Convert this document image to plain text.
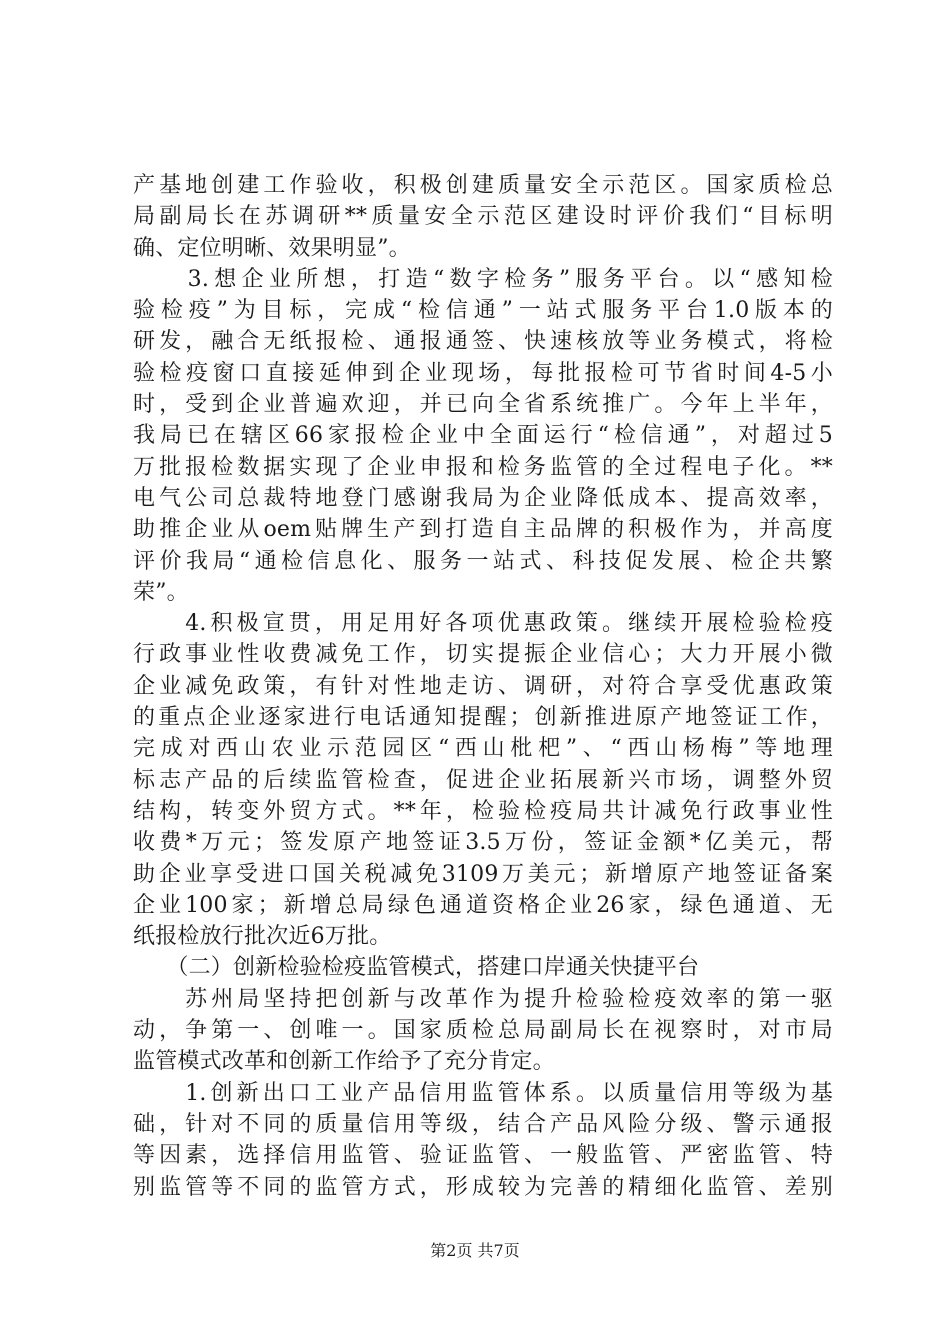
产基地创建工作验收，积极创建质量安全示范区。国家质检总
局副局长在苏调研**质量安全示范区建设时评价我们“目标明
确、定位明晰、效果明显”。
　　3.想企业所想，打造“数字检务”服务平台。以“感知检
验检疫”为目标，完成“检信通”一站式服务平台1.0版本的
研发，融合无纸报检、通报通签、快速核放等业务模式，将检
验检疫窗口直接延伸到企业现场，每批报检可节省时间4-5小
时，受到企业普遍欢迎，并已向全省系统推广。今年上半年，
我局已在辖区66家报检企业中全面运行“检信通”，对超过5
万批报检数据实现了企业申报和检务监管的全过程电子化。**
电气公司总裁特地登门感谢我局为企业降低成本、提高效率，
助推企业从oem贴牌生产到打造自主品牌的积极作为，并高度
评价我局“通检信息化、服务一站式、科技促发展、检企共繁
荣”。
　　4.积极宣贯，用足用好各项优惠政策。继续开展检验检疫
行政事业性收费减免工作，切实提振企业信心；大力开展小微
企业减免政策，有针对性地走访、调研，对符合享受优惠政策
的重点企业逐家进行电话通知提醒；创新推进原产地签证工作，
完成对西山农业示范园区“西山枇杷”、“西山杨梅”等地理
标志产品的后续监管检查，促进企业拓展新兴市场，调整外贸
结构，转变外贸方式。**年，检验检疫局共计减免行政事业性
收费*万元；签发原产地签证3.5万份，签证金额*亿美元，帮
助企业享受进口国关税减免3109万美元；新增原产地签证备案
企业100家；新增总局绿色通道资格企业26家，绿色通道、无
纸报检放行批次近6万批。
　　（二）创新检验检疫监管模式，搭建口岸通关快捷平台
　　苏州局坚持把创新与改革作为提升检验检疫效率的第一驱
动，争第一、创唯一。国家质检总局副局长在视察时，对市局
监管模式改革和创新工作给予了充分肯定。
　　1.创新出口工业产品信用监管体系。以质量信用等级为基
础，针对不同的质量信用等级，结合产品风险分级、警示通报
等因素，选择信用监管、验证监管、一般监管、严密监管、特
别监管等不同的监管方式，形成较为完善的精细化监管、差别
第2页 共7页
